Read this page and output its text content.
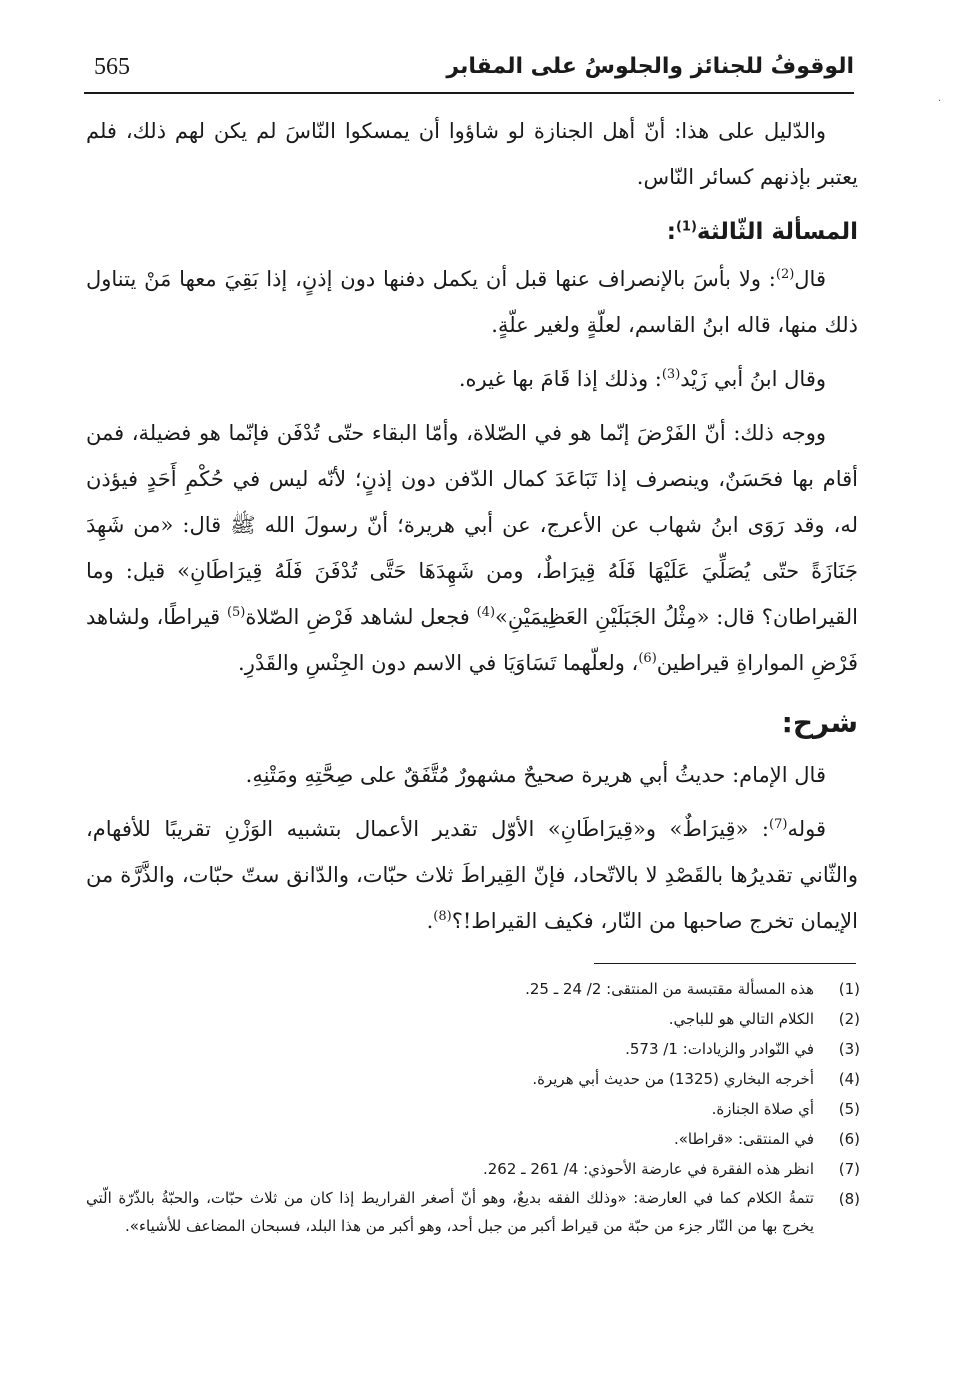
الوقوفُ للجنائز والجلوسُ على المقابر
565
·

والدّليل على هذا: أنّ أهل الجنازة لو شاؤوا أن يمسكوا النّاسَ لم يكن لهم ذلك، فلم يعتبر بإذنهم كسائر النّاس.

المسألة الثّالثة$^{(1)}$:

قال$^{(2)}$: ولا بأسَ بالإنصراف عنها قبل أن يكمل دفنها دون إذنٍ، إذا بَقِيَ معها مَنْ يتناول ذلك منها، قاله ابنُ القاسم، لعلّةٍ ولغير علّةٍ.

وقال ابنُ أبي زَيْد$^{(3)}$: وذلك إذا قَامَ بها غيره.

ووجه ذلك: أنّ الفَرْضَ إنّما هو في الصّلاة، وأمّا البقاء حتّى تُدْفَن فإنّما هو فضيلة، فمن أقام بها فحَسَنٌ، وينصرف إذا تَبَاعَدَ كمال الدّفن دون إذنٍ؛ لأنّه ليس في حُكْمِ أَحَدٍ فيؤذن له، وقد رَوَى ابنُ شهاب عن الأعرج، عن أبي هريرة؛ أنّ رسولَ الله ﷺ قال: «من شَهِدَ جَنَازَةً حتّى يُصَلِّيَ عَلَيْهَا فَلَهُ قِيرَاطٌ، ومن شَهِدَهَا حَتَّى تُدْفَنَ فَلَهُ قِيرَاطَانِ» قيل: وما القيراطان؟ قال: «مِثْلُ الجَبَلَيْنِ العَظِيمَيْنِ»$^{(4)}$ فجعل لشاهد فَرْضِ الصّلاة$^{(5)}$ قيراطًا، ولشاهد فَرْضِ المواراةِ قيراطين$^{(6)}$، ولعلّهما تَسَاوَيَا في الاسم دون الجِنْسِ والقَدْرِ.

شرح:

قال الإمام: حديثُ أبي هريرة صحيحٌ مشهورٌ مُتَّفَقٌ على صِحَّتِهِ ومَتْنِهِ.

قوله$^{(7)}$: «قِيرَاطٌ» و«قِيرَاطَانِ» الأوّل تقدير الأعمال بتشبيه الوَزْنِ تقريبًا للأفهام، والثّاني تقديرُها بالقَصْدِ لا بالاتّحاد، فإنّ القِيراطَ ثلاث حبّات، والدّانق ستّ حبّات، والذَّرَّة من الإيمان تخرج صاحبها من النّار، فكيف القيراط!؟$^{(8)}$.

(1)
هذه المسألة مقتبسة من المنتقى: 2/ 24 ـ 25.
(2)
الكلام التالي هو للباجي.
(3)
في النّوادر والزيادات: 1/ 573.
(4)
أخرجه البخاري (1325) من حديث أبي هريرة.
(5)
أي صلاة الجنازة.
(6)
في المنتقى: «قراطا».
(7)
انظر هذه الفقرة في عارضة الأحوذي: 4/ 261 ـ 262.
(8)
تتمةُ الكلام كما في العارضة: «وذلك الفقه بديعٌ، وهو أنّ أصغر القراريط إذا كان من ثلاث حبّات، والحبّةُ بالذّرّة الّتي يخرج بها من النّار جزء من حبّة من قيراط أكبر من جبل أحد، وهو أكبر من هذا البلد، فسبحان المضاعف للأشياء».
